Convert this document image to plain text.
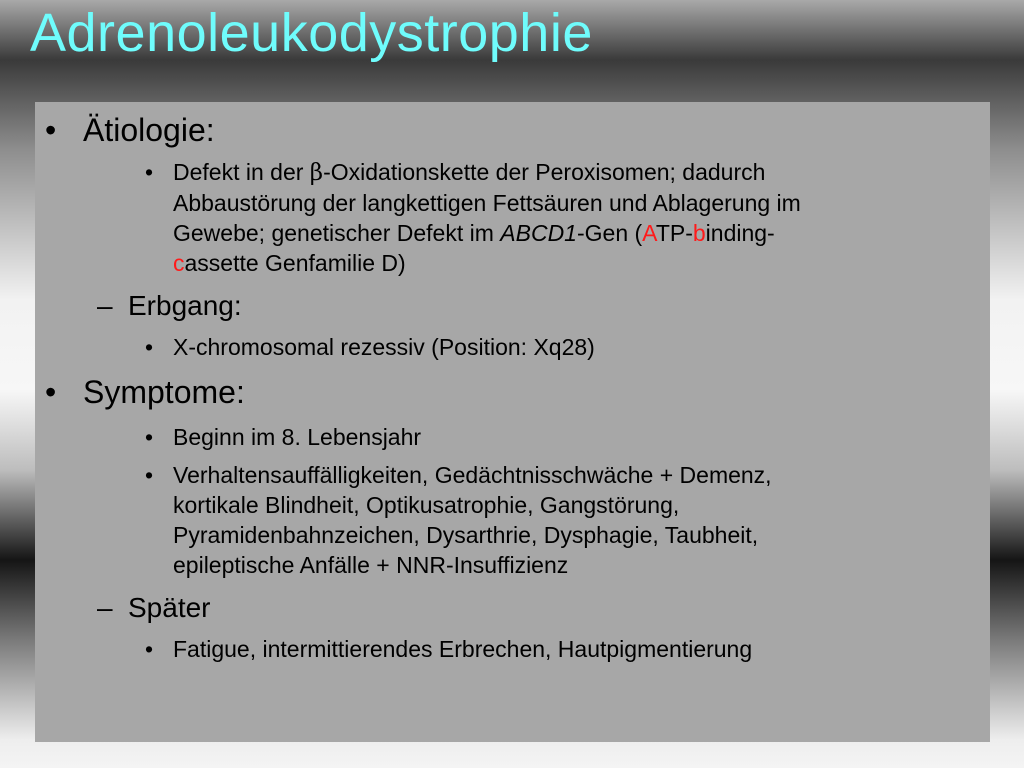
Adrenoleukodystrophie
• Ätiologie:
• Defekt in der β-Oxidationskette der Peroxisomen; dadurch
Abbaustörung der langkettigen Fettsäuren und Ablagerung im
Gewebe; genetischer Defekt im ABCD1-Gen (ATP-binding-
cassette Genfamilie D)
– Erbgang:
• X-chromosomal rezessiv (Position: Xq28)
• Symptome:
• Beginn im 8. Lebensjahr
• Verhaltensauffälligkeiten, Gedächtnisschwäche + Demenz,
kortikale Blindheit, Optikusatrophie, Gangstörung,
Pyramidenbahnzeichen, Dysarthrie, Dysphagie, Taubheit,
epileptische Anfälle + NNR-Insuffizienz
– Später
• Fatigue, intermittierendes Erbrechen, Hautpigmentierung
